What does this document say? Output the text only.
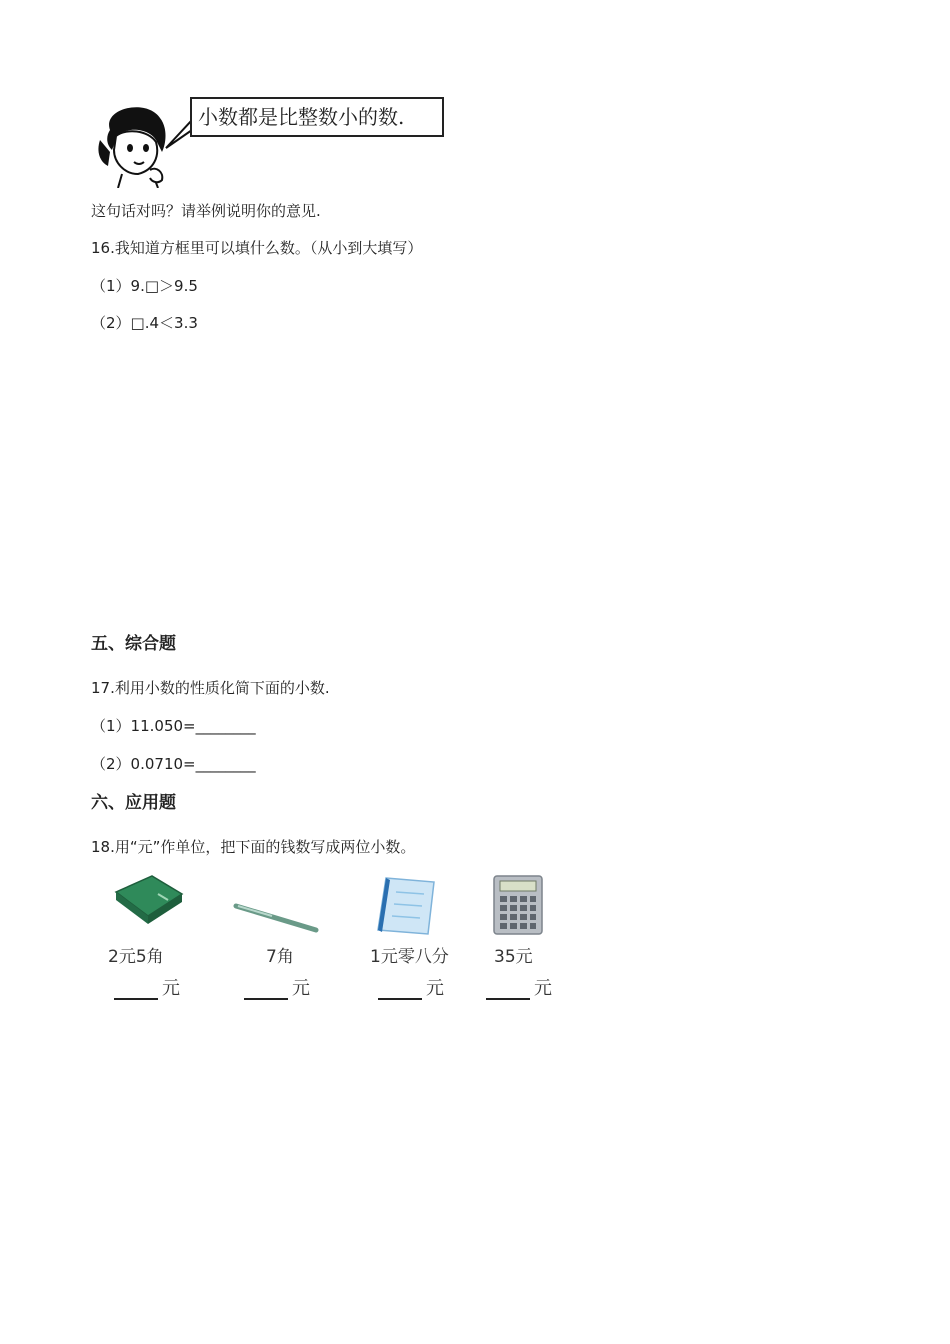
小数都是比整数小的数.
这句话对吗？请举例说明你的意见.
16.我知道方框里可以填什么数。（从小到大填写）
（1）9.□＞9.5
（2）□.4＜3.3
五、综合题
17.利用小数的性质化简下面的小数.
（1）11.050=________
（2）0.0710=________
六、应用题
18.用“元”作单位，把下面的钱数写成两位小数。
2元5角
元
7角
元
1元零八分
元
35元
元
